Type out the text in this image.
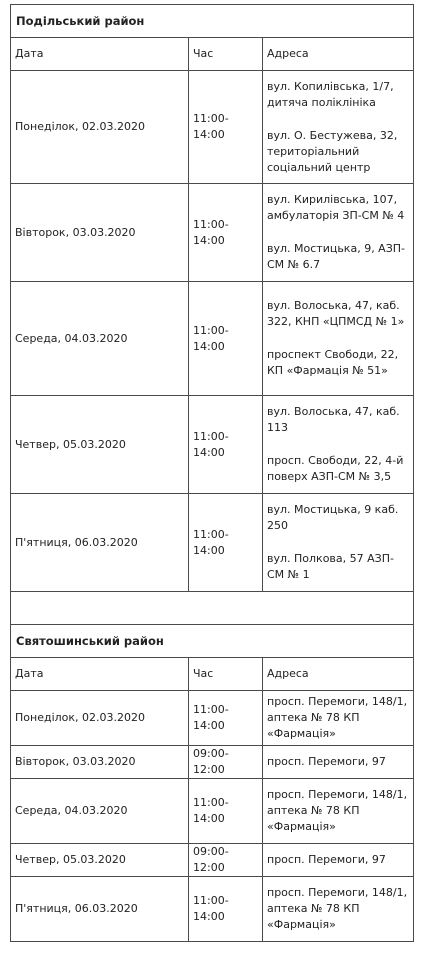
Подільський район		
Дата	Час	Адреса
Понеділок, 02.03.2020	11:00-14:00	вул. Копилівська, 1/7, дитяча поліклініка
вул. О. Бестужева, 32, територіальний соціальний центр

Вівторок, 03.03.2020	11:00-14:00	вул. Кирилівська, 107, амбулаторія ЗП-СМ № 4
вул. Мостицька, 9, АЗП-СМ № 6.7

Середа, 04.03.2020	11:00-14:00	вул. Волоська, 47, каб. 322, КНП «ЦПМСД № 1»
проспект Свободи, 22, КП «Фармація № 51»

Четвер, 05.03.2020	11:00-14:00	вул. Волоська, 47, каб. 113
просп. Свободи, 22, 4-й поверх АЗП-СМ № 3,5

П'ятниця, 06.03.2020	11:00-14:00	вул. Мостицька, 9 каб. 250
вул. Полкова, 57 АЗП-СМ № 1

Святошинський район		
Дата	Час	Адреса
Понеділок, 02.03.2020	11:00-14:00	просп. Перемоги, 148/1, аптека № 78 КП «Фармація»

Вівторок, 03.03.2020	09:00-12:00	просп. Перемоги, 97

Середа, 04.03.2020	11:00-14:00	просп. Перемоги, 148/1, аптека № 78 КП «Фармація»

Четвер, 05.03.2020	09:00-12:00	просп. Перемоги, 97

П'ятниця, 06.03.2020	11:00-14:00	просп. Перемоги, 148/1, аптека № 78 КП «Фармація»
